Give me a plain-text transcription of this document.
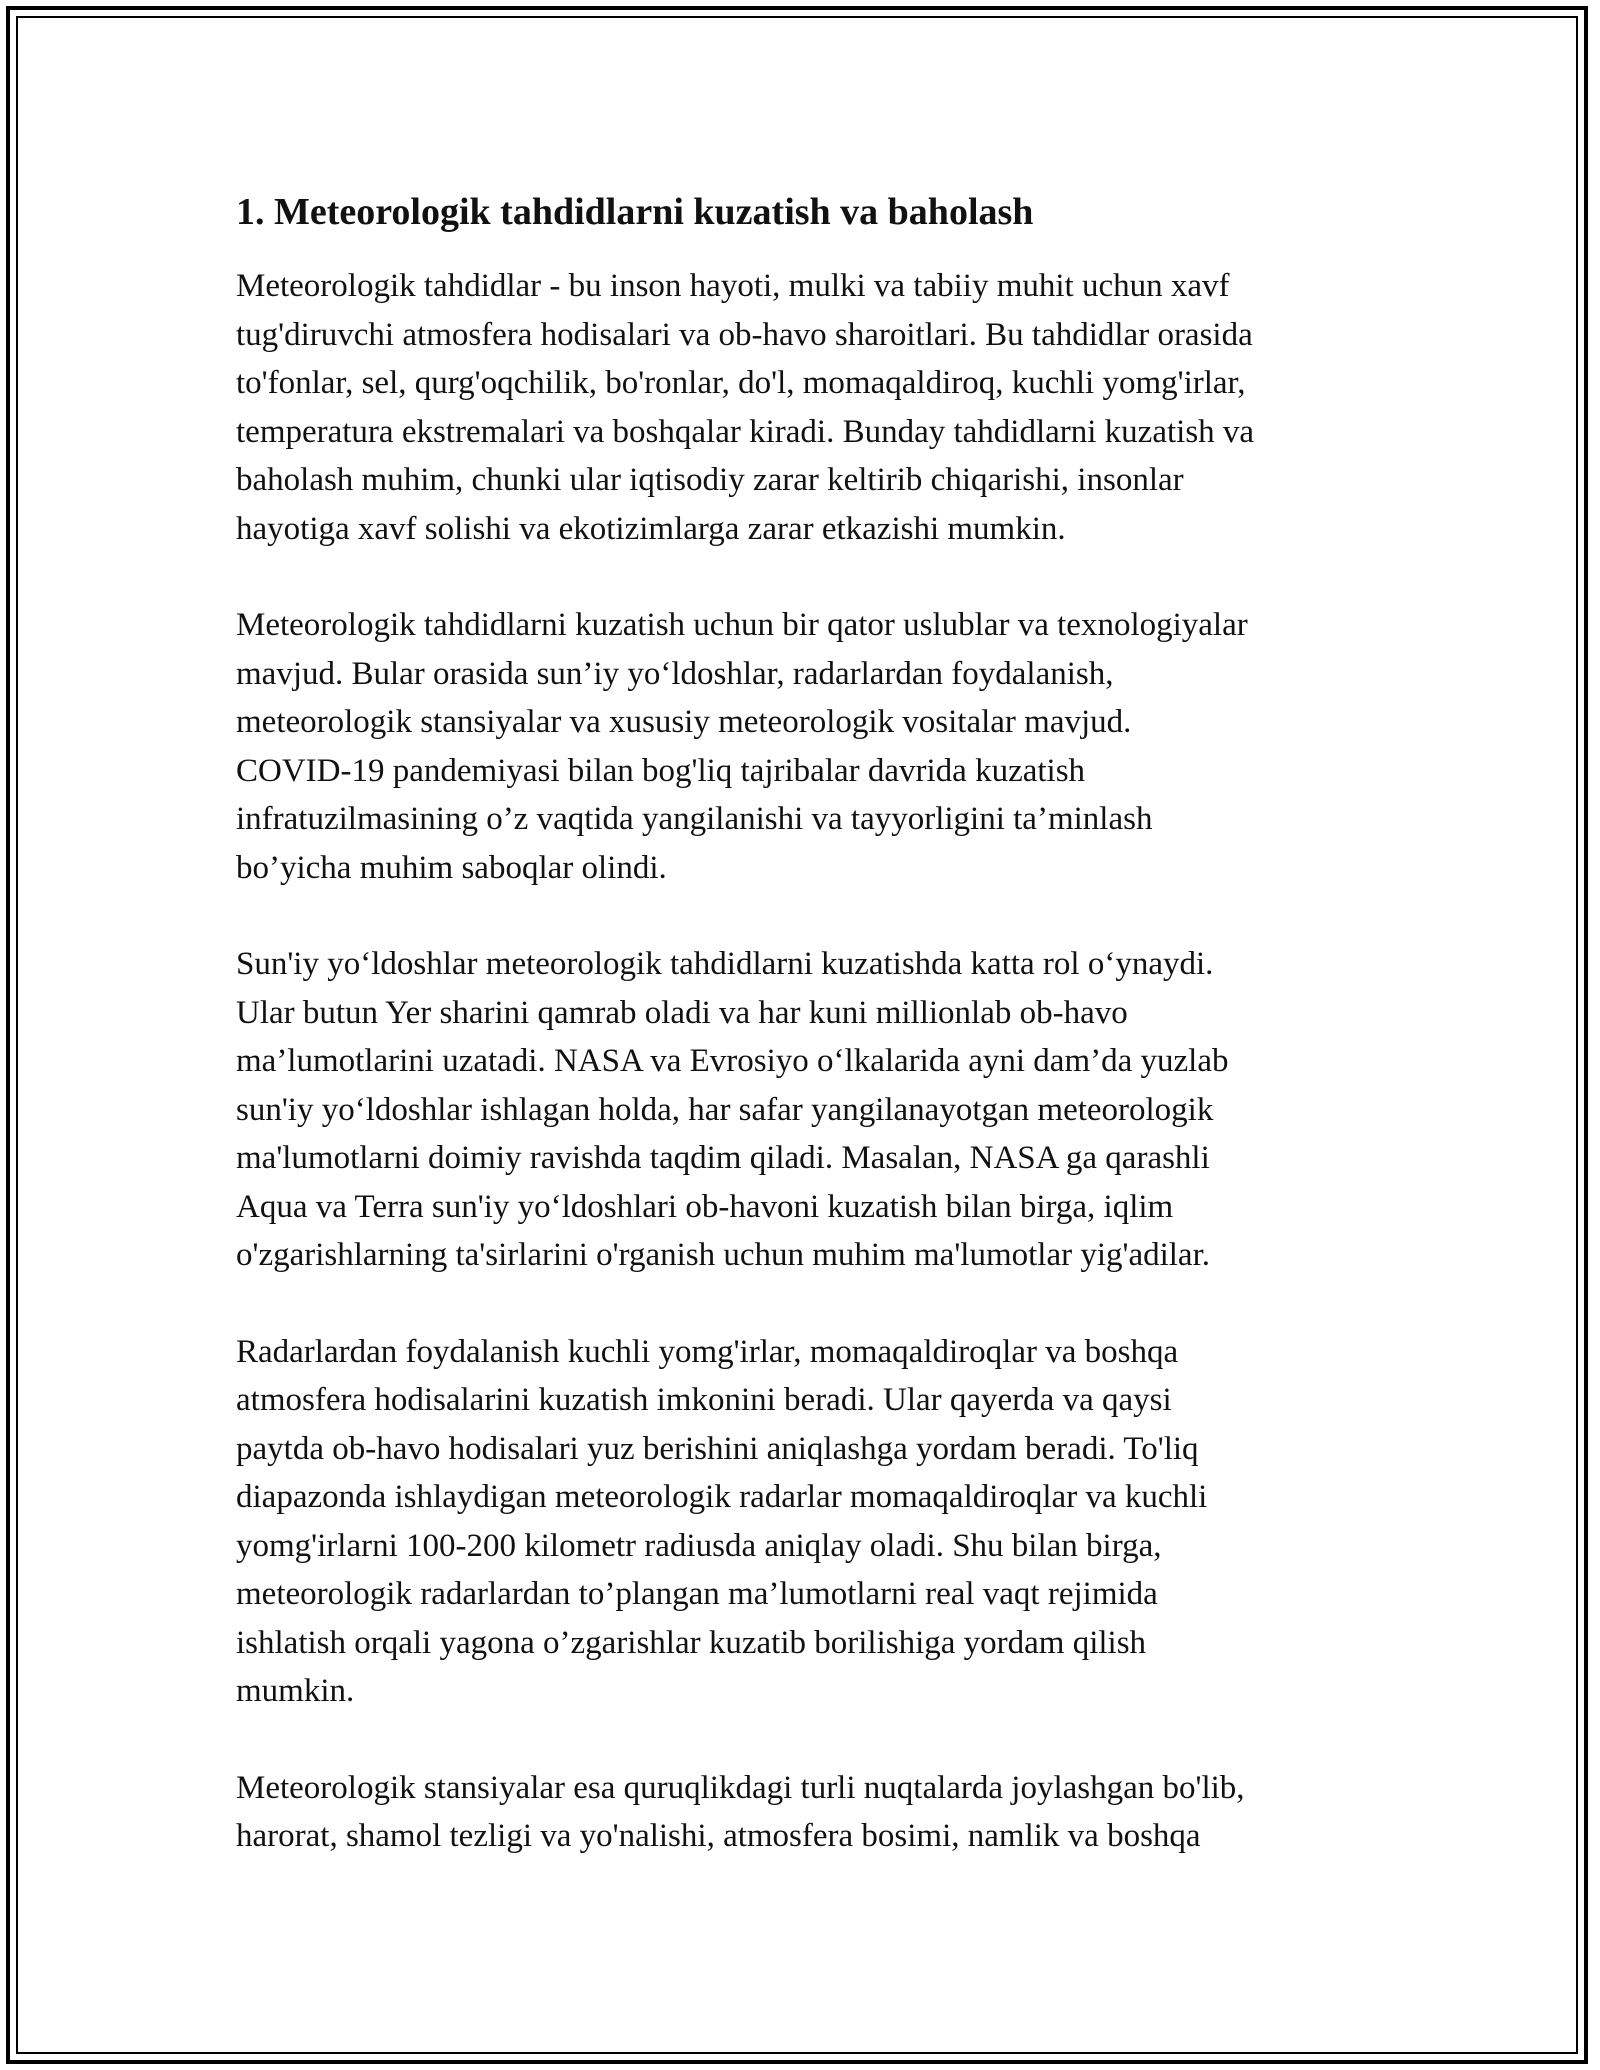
1. Meteorologik tahdidlarni kuzatish va baholash

Meteorologik tahdidlar - bu inson hayoti, mulki va tabiiy muhit uchun xavf
tug'diruvchi atmosfera hodisalari va ob-havo sharoitlari. Bu tahdidlar orasida
to'fonlar, sel, qurg'oqchilik, bo'ronlar, do'l, momaqaldiroq, kuchli yomg'irlar,
temperatura ekstremalari va boshqalar kiradi. Bunday tahdidlarni kuzatish va
baholash muhim, chunki ular iqtisodiy zarar keltirib chiqarishi, insonlar
hayotiga xavf solishi va ekotizimlarga zarar etkazishi mumkin.

Meteorologik tahdidlarni kuzatish uchun bir qator uslublar va texnologiyalar
mavjud. Bular orasida sun’iy yo‘ldoshlar, radarlardan foydalanish,
meteorologik stansiyalar va xususiy meteorologik vositalar mavjud.
COVID-19 pandemiyasi bilan bog'liq tajribalar davrida kuzatish
infratuzilmasining o’z vaqtida yangilanishi va tayyorligini ta’minlash
bo’yicha muhim saboqlar olindi.

Sun'iy yo‘ldoshlar meteorologik tahdidlarni kuzatishda katta rol o‘ynaydi.
Ular butun Yer sharini qamrab oladi va har kuni millionlab ob-havo
ma’lumotlarini uzatadi. NASA va Evrosiyo o‘lkalarida ayni dam’da yuzlab
sun'iy yo‘ldoshlar ishlagan holda, har safar yangilanayotgan meteorologik
ma'lumotlarni doimiy ravishda taqdim qiladi. Masalan, NASA ga qarashli
Aqua va Terra sun'iy yo‘ldoshlari ob-havoni kuzatish bilan birga, iqlim
o'zgarishlarning ta'sirlarini o'rganish uchun muhim ma'lumotlar yig'adilar.

Radarlardan foydalanish kuchli yomg'irlar, momaqaldiroqlar va boshqa
atmosfera hodisalarini kuzatish imkonini beradi. Ular qayerda va qaysi
paytda ob-havo hodisalari yuz berishini aniqlashga yordam beradi. To'liq
diapazonda ishlaydigan meteorologik radarlar momaqaldiroqlar va kuchli
yomg'irlarni 100-200 kilometr radiusda aniqlay oladi. Shu bilan birga,
meteorologik radarlardan to’plangan ma’lumotlarni real vaqt rejimida
ishlatish orqali yagona o’zgarishlar kuzatib borilishiga yordam qilish
mumkin.

Meteorologik stansiyalar esa quruqlikdagi turli nuqtalarda joylashgan bo'lib,
harorat, shamol tezligi va yo'nalishi, atmosfera bosimi, namlik va boshqa
